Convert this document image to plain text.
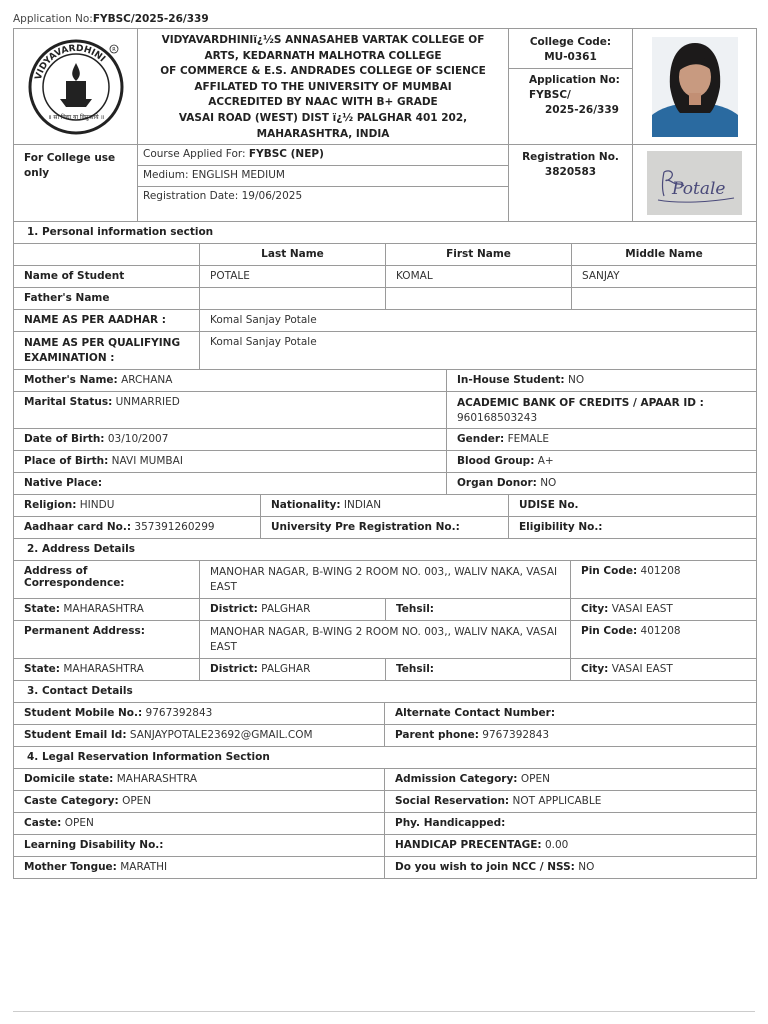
Application No:FYBSC/2025-26/339
VIDYAVARDHINI
॥ सा विद्या या विमुक्तये ॥
R
VIDYAVARDHINIï¿½S ANNASAHEB VARTAK COLLEGE OF
ARTS, KEDARNATH MALHOTRA COLLEGE
OF COMMERCE & E.S. ANDRADES COLLEGE OF SCIENCE
AFFILATED TO THE UNIVERSITY OF MUMBAI
ACCREDITED BY NAAC WITH B+ GRADE
VASAI ROAD (WEST) DIST ï¿½ PALGHAR 401 202,
MAHARASHTRA, INDIA
College Code:
MU-0361
Application No:
FYBSC/
2025-26/339
For College use only
Course Applied For: FYBSC (NEP)
Medium: ENGLISH MEDIUM
Registration Date: 19/06/2025
Registration No.
3820583
Potale
1. Personal information section
Last Name	First Name	Middle Name
Name of Student	POTALE	KOMAL	SANJAY
Father's Name
NAME AS PER AADHAR :	Komal Sanjay Potale
NAME AS PER QUALIFYING EXAMINATION :
Komal Sanjay Potale
Mother's Name: ARCHANA	In-House Student: NO
Marital Status: UNMARRIED	ACADEMIC BANK OF CREDITS / APAAR ID :
960168503243
Date of Birth: 03/10/2007	Gender: FEMALE
Place of Birth: NAVI MUMBAI	Blood Group: A+
Native Place:	Organ Donor: NO
Religion: HINDU	Nationality: INDIAN	UDISE No.
Aadhaar card No.: 357391260299	University Pre Registration No.:	Eligibility No.:
2. Address Details
Address of Correspondence:
MANOHAR NAGAR, B-WING 2 ROOM NO. 003,, WALIV NAKA, VASAI EAST
Pin Code: 401208
State: MAHARASHTRA	District: PALGHAR	Tehsil:	City: VASAI EAST
Permanent Address:	MANOHAR NAGAR, B-WING 2 ROOM NO. 003,, WALIV NAKA, VASAI EAST
Pin Code: 401208
State: MAHARASHTRA	District: PALGHAR	Tehsil:	City: VASAI EAST
3. Contact Details
Student Mobile No.: 9767392843	Alternate Contact Number:
Student Email Id: SANJAYPOTALE23692@GMAIL.COM	Parent phone: 9767392843
4. Legal Reservation Information Section
Domicile state: MAHARASHTRA	Admission Category: OPEN
Caste Category: OPEN	Social Reservation: NOT APPLICABLE
Caste: OPEN	Phy. Handicapped:
Learning Disability No.:	HANDICAP PRECENTAGE: 0.00
Mother Tongue: MARATHI	Do you wish to join NCC / NSS: NO
